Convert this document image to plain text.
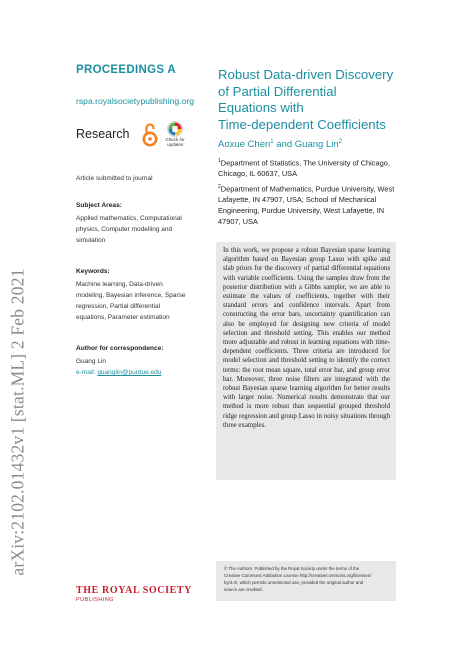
arXiv:2102.01432v1 [stat.ML] 2 Feb 2021
PROCEEDINGS A
rspa.royalsocietypublishing.org
Research	Check for
updates
Article submitted to journal
Subject Areas:
Applied mathematics, Computational
physics, Computer modelling and
simulation
Keywords:
Machine learning, Data-driven
modeling, Bayesian inference, Sparse
regression, Partial differential
equations, Parameter estimation
Author for correspondence:
Guang Lin
e-mail: guanglin@purdue.edu
Robust Data-driven Discovery
of Partial Differential
Equations with
Time-dependent Coefficients
Aoxue Chen$^1$ and Guang Lin$^2$
$^1$Department of Statistics, The University of Chicago,
Chicago, IL 60637, USA
$^2$Department of Mathematics, Purdue University, West
Lafayette, IN 47907, USA; School of Mechanical
Engineering, Purdue University, West Lafayette, IN
47907, USA

In this work, we propose a robust Bayesian sparse learning algorithm based on Bayesian group Lasso with spike and slab priors for the discovery of partial differential equations with variable coefficients. Using the samples draw from the posterior distribution with a Gibbs sampler, we are able to estimate the values of coefficients, together with their standard errors and confidence intervals. Apart from constructing the error bars, uncertainty quantification can also be employed for designing new criteria of model selection and threshold setting. This enables our method more adjustable and robust in learning equations with time-dependent coefficients. Three criteria are introduced for model selection and threshold setting to identify the correct terms: the root mean square, total error bar, and group error bar. Moreover, three noise filters are integrated with the robust Bayesian sparse learning algorithm for better results with larger noise. Numerical results demonstrate that our method is more robust than sequential grouped threshold ridge regression and group Lasso in noisy situations through three examples.

© The Authors. Published by the Royal Society under the terms of the

Creative Commons Attribution License http://creativecommons.org/licenses/

by/4.0/, which permits unrestricted use, provided the original author and

source are credited.

THE ROYAL SOCIETY
PUBLISHING
